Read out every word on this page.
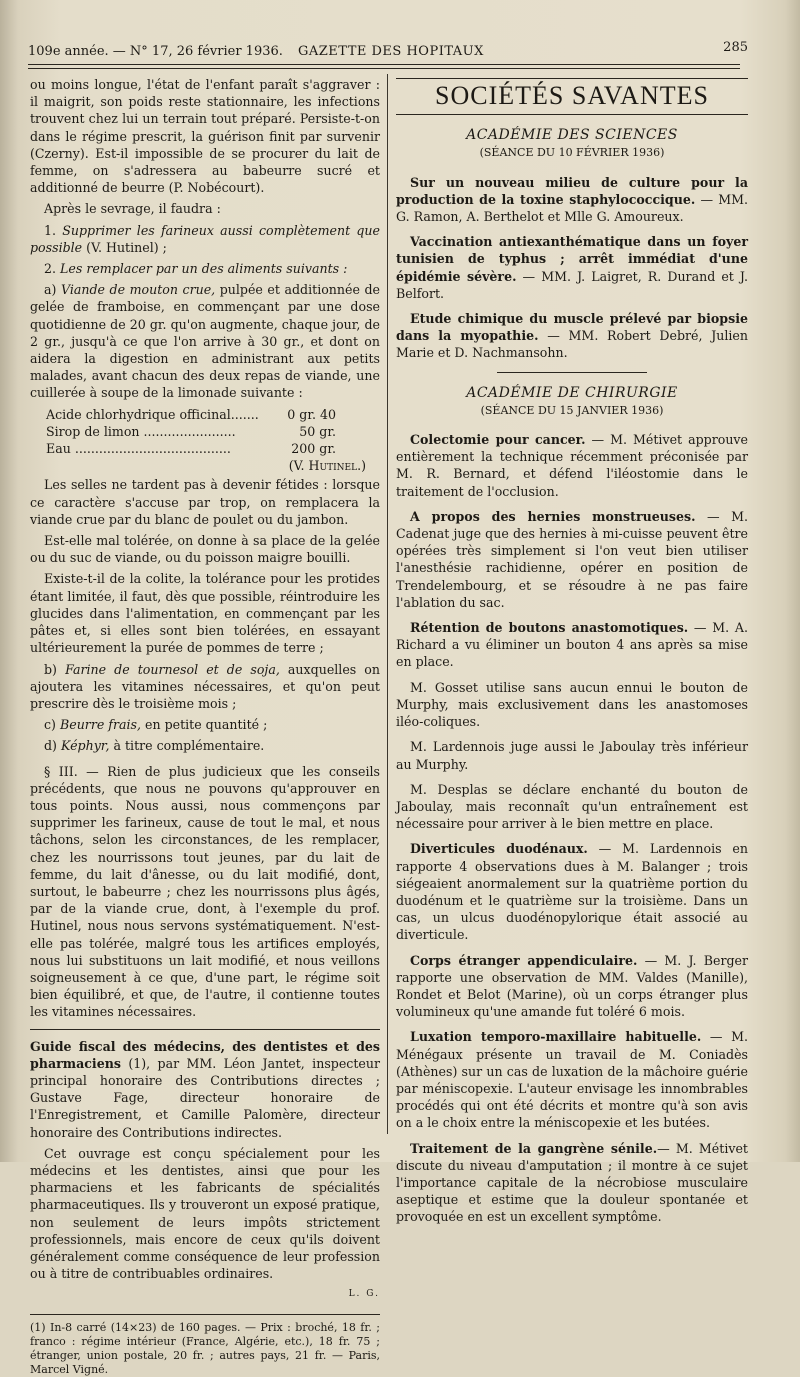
109e année. — N° 17, 26 février 1936. GAZETTE DES HOPITAUX	285

ou moins longue, l'état de l'enfant paraît s'aggraver : il maigrit, son poids reste stationnaire, les infections trouvent chez lui un terrain tout préparé. Persiste-t-on dans le régime prescrit, la guérison finit par survenir (Czerny). Est-il impossible de se procurer du lait de femme, on s'adressera au babeurre sucré et additionné de beurre (P. Nobécourt).

Après le sevrage, il faudra :

1. Supprimer les farineux aussi complètement que possible (V. Hutinel) ;

2. Les remplacer par un des aliments suivants :

a) Viande de mouton crue, pulpée et additionnée de gelée de framboise, en commençant par une dose quotidienne de 20 gr. qu'on augmente, chaque jour, de 2 gr., jusqu'à ce que l'on arrive à 30 gr., et dont on aidera la digestion en administrant aux petits malades, avant chacun des deux repas de viande, une cuillerée à soupe de la limonade suivante :

Acide chlorhydrique officinal....... 0 gr. 40
Sirop de limon .......................	50 gr.
Eau .......................................	200 gr.
(V. Hutinel.)

Les selles ne tardent pas à devenir fétides : lorsque ce caractère s'accuse par trop, on remplacera la viande crue par du blanc de poulet ou du jambon.

Est-elle mal tolérée, on donne à sa place de la gelée ou du suc de viande, ou du poisson maigre bouilli.

Existe-t-il de la colite, la tolérance pour les protides étant limitée, il faut, dès que possible, réintroduire les glucides dans l'alimentation, en commençant par les pâtes et, si elles sont bien tolérées, en essayant ultérieurement la purée de pommes de terre ;

b) Farine de tournesol et de soja, auxquelles on ajoutera les vitamines nécessaires, et qu'on peut prescrire dès le troisième mois ;

c) Beurre frais, en petite quantité ;

d) Képhyr, à titre complémentaire.

§ III. — Rien de plus judicieux que les conseils précédents, que nous ne pouvons qu'approuver en tous points. Nous aussi, nous commençons par supprimer les farineux, cause de tout le mal, et nous tâchons, selon les circonstances, de les remplacer, chez les nourrissons tout jeunes, par du lait de femme, du lait d'ânesse, ou du lait modifié, dont, surtout, le babeurre ; chez les nourrissons plus âgés, par de la viande crue, dont, à l'exemple du prof. Hutinel, nous nous servons systématiquement. N'est-elle pas tolérée, malgré tous les artifices employés, nous lui substituons un lait modifié, et nous veillons soigneusement à ce que, d'une part, le régime soit bien équilibré, et que, de l'autre, il contienne toutes les vitamines nécessaires.

Guide fiscal des médecins, des dentistes et des pharmaciens (1), par MM. Léon Jantet, inspecteur principal honoraire des Contributions directes ; Gustave Fage, directeur honoraire de l'Enregistrement, et Camille Palomère, directeur honoraire des Contributions indirectes.

Cet ouvrage est conçu spécialement pour les médecins et les dentistes, ainsi que pour les pharmaciens et les fabricants de spécialités pharmaceutiques. Ils y trouveront un exposé pratique, non seulement de leurs impôts strictement professionnels, mais encore de ceux qu'ils doivent généralement comme conséquence de leur profession ou à titre de contribuables ordinaires.

L. G.
(1) In-8 carré (14×23) de 160 pages. — Prix : broché, 18 fr. ; franco : régime intérieur (France, Algérie, etc.), 18 fr. 75 ; étranger, union postale, 20 fr. ; autres pays, 21 fr. — Paris, Marcel Vigné.
SOCIÉTÉS SAVANTES
ACADÉMIE DES SCIENCES
(SÉANCE DU 10 FÉVRIER 1936)

Sur un nouveau milieu de culture pour la production de la toxine staphylococcique. — MM. G. Ramon, A. Berthelot et Mlle G. Amoureux.

Vaccination antiexanthématique dans un foyer tunisien de typhus ; arrêt immédiat d'une épidémie sévère. — MM. J. Laigret, R. Durand et J. Belfort.

Etude chimique du muscle prélevé par biopsie dans la myopathie. — MM. Robert Debré, Julien Marie et D. Nachmansohn.

ACADÉMIE DE CHIRURGIE
(SÉANCE DU 15 JANVIER 1936)

Colectomie pour cancer. — M. Métivet approuve entièrement la technique récemment préconisée par M. R. Bernard, et défend l'iléostomie dans le traitement de l'occlusion.

A propos des hernies monstrueuses. — M. Cadenat juge que des hernies à mi-cuisse peuvent être opérées très simplement si l'on veut bien utiliser l'anesthésie rachidienne, opérer en position de Trendelembourg, et se résoudre à ne pas faire l'ablation du sac.

Rétention de boutons anastomotiques. — M. A. Richard a vu éliminer un bouton 4 ans après sa mise en place.

M. Gosset utilise sans aucun ennui le bouton de Murphy, mais exclusivement dans les anastomoses iléo-coliques.

M. Lardennois juge aussi le Jaboulay très inférieur au Murphy.

M. Desplas se déclare enchanté du bouton de Jaboulay, mais reconnaît qu'un entraînement est nécessaire pour arriver à le bien mettre en place.

Diverticules duodénaux. — M. Lardennois en rapporte 4 observations dues à M. Balanger ; trois siégeaient anormalement sur la quatrième portion du duodénum et le quatrième sur la troisième. Dans un cas, un ulcus duodénopylorique était associé au diverticule.

Corps étranger appendiculaire. — M. J. Berger rapporte une observation de MM. Valdes (Manille), Rondet et Belot (Marine), où un corps étranger plus volumineux qu'une amande fut toléré 6 mois.

Luxation temporo-maxillaire habituelle. — M. Ménégaux présente un travail de M. Coniadès (Athènes) sur un cas de luxation de la mâchoire guérie par méniscopexie. L'auteur envisage les innombrables procédés qui ont été décrits et montre qu'à son avis on a le choix entre la méniscopexie et les butées.

Traitement de la gangrène sénile.— M. Métivet discute du niveau d'amputation ; il montre à ce sujet l'importance capitale de la nécrobiose musculaire aseptique et estime que la douleur spontanée et provoquée en est un excellent symptôme.
